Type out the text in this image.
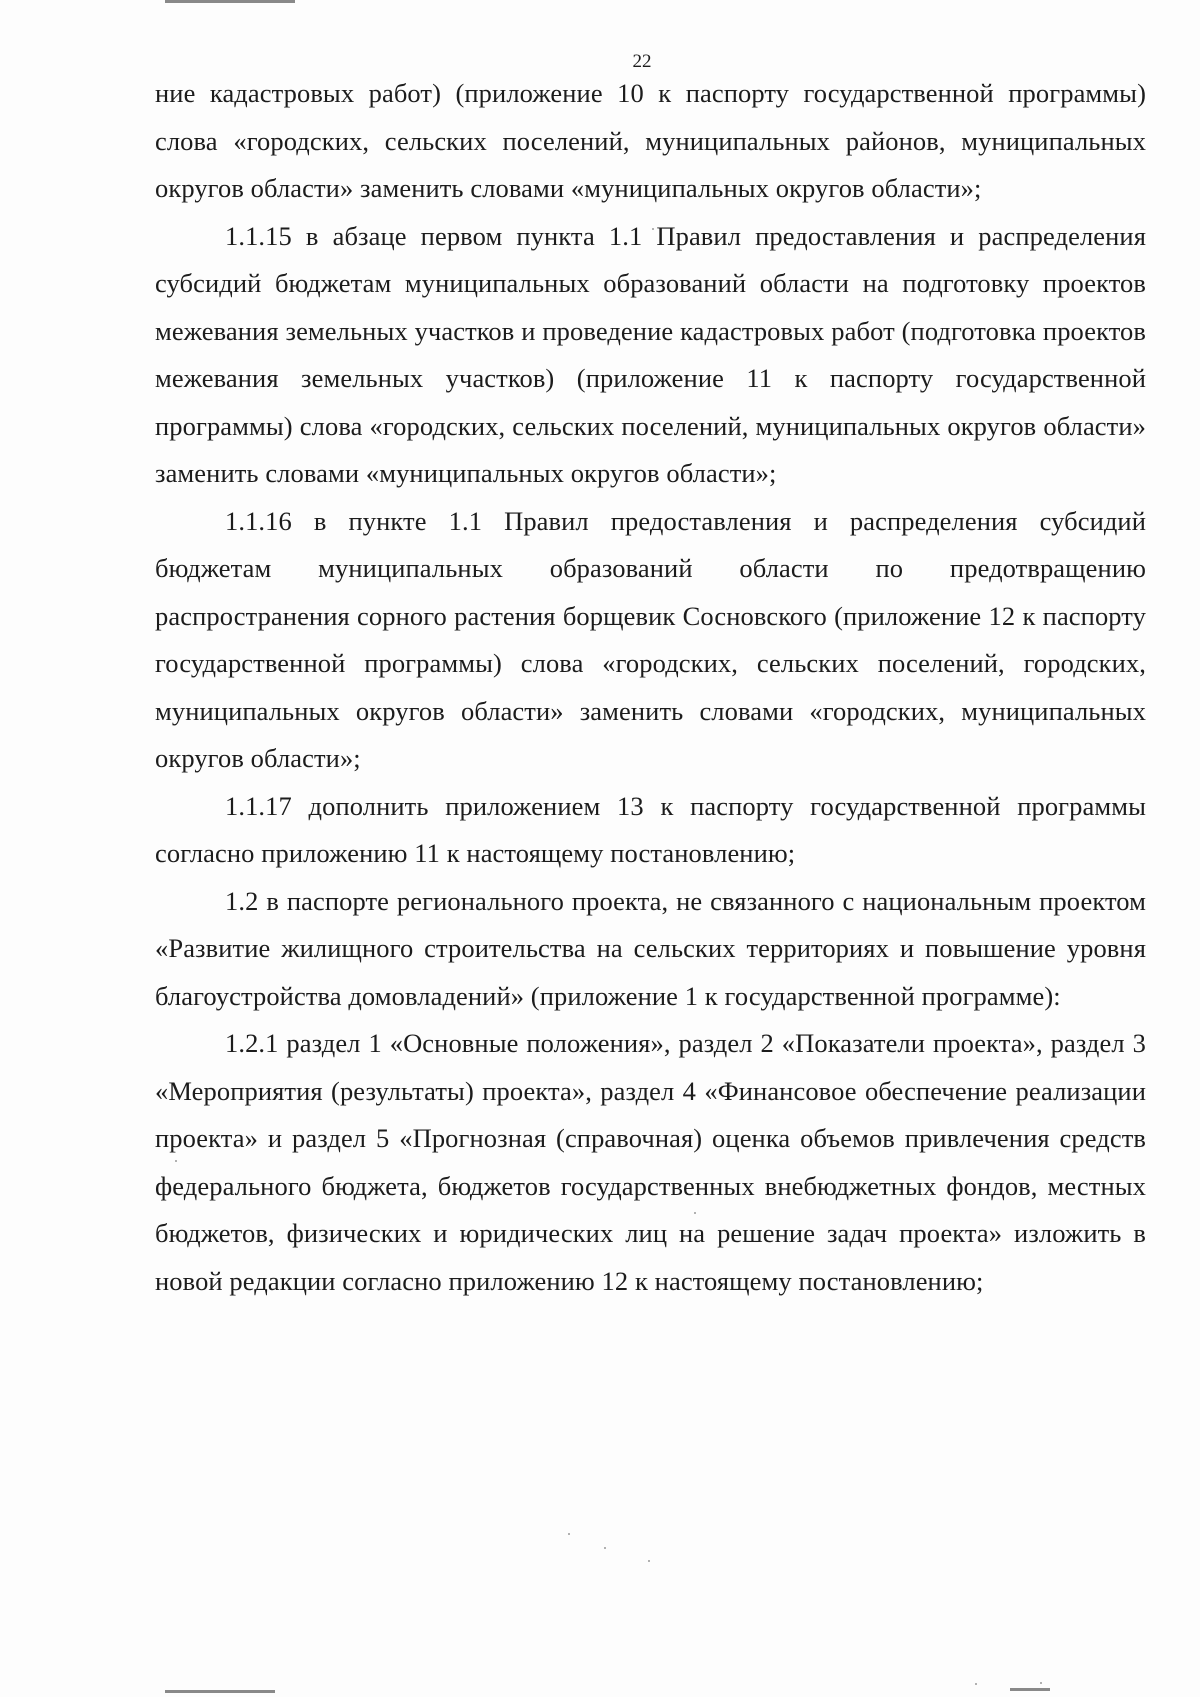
22

ние кадастровых работ) (приложение 10 к паспорту государственной программы) слова «городских, сельских поселений, муниципальных районов, муниципальных округов области» заменить словами «муниципальных округов области»;

1.1.15 в абзаце первом пункта 1.1 Правил предоставления и распределения субсидий бюджетам муниципальных образований области на подготовку проектов межевания земельных участков и проведение кадастровых работ (подготовка проектов межевания земельных участков) (приложение 11 к паспорту государственной программы) слова «городских, сельских поселений, муниципальных округов области» заменить словами «муниципальных округов области»;

1.1.16 в пункте 1.1 Правил предоставления и распределения субсидий бюджетам муниципальных образований области по предотвращению распространения сорного растения борщевик Сосновского (приложение 12 к паспорту государственной программы) слова «городских, сельских поселений, городских, муниципальных округов области» заменить словами «городских, муниципальных округов области»;

1.1.17 дополнить приложением 13 к паспорту государственной программы согласно приложению 11 к настоящему постановлению;

1.2 в паспорте регионального проекта, не связанного с национальным проектом «Развитие жилищного строительства на сельских территориях и повышение уровня благоустройства домовладений» (приложение 1 к государственной программе):

1.2.1 раздел 1 «Основные положения», раздел 2 «Показатели проекта», раздел 3 «Мероприятия (результаты) проекта», раздел 4 «Финансовое обеспечение реализации проекта» и раздел 5 «Прогнозная (справочная) оценка объемов привлечения средств федерального бюджета, бюджетов государственных внебюджетных фондов, местных бюджетов, физических и юридических лиц на решение задач проекта» изложить в новой редакции согласно приложению 12 к настоящему постановлению;
